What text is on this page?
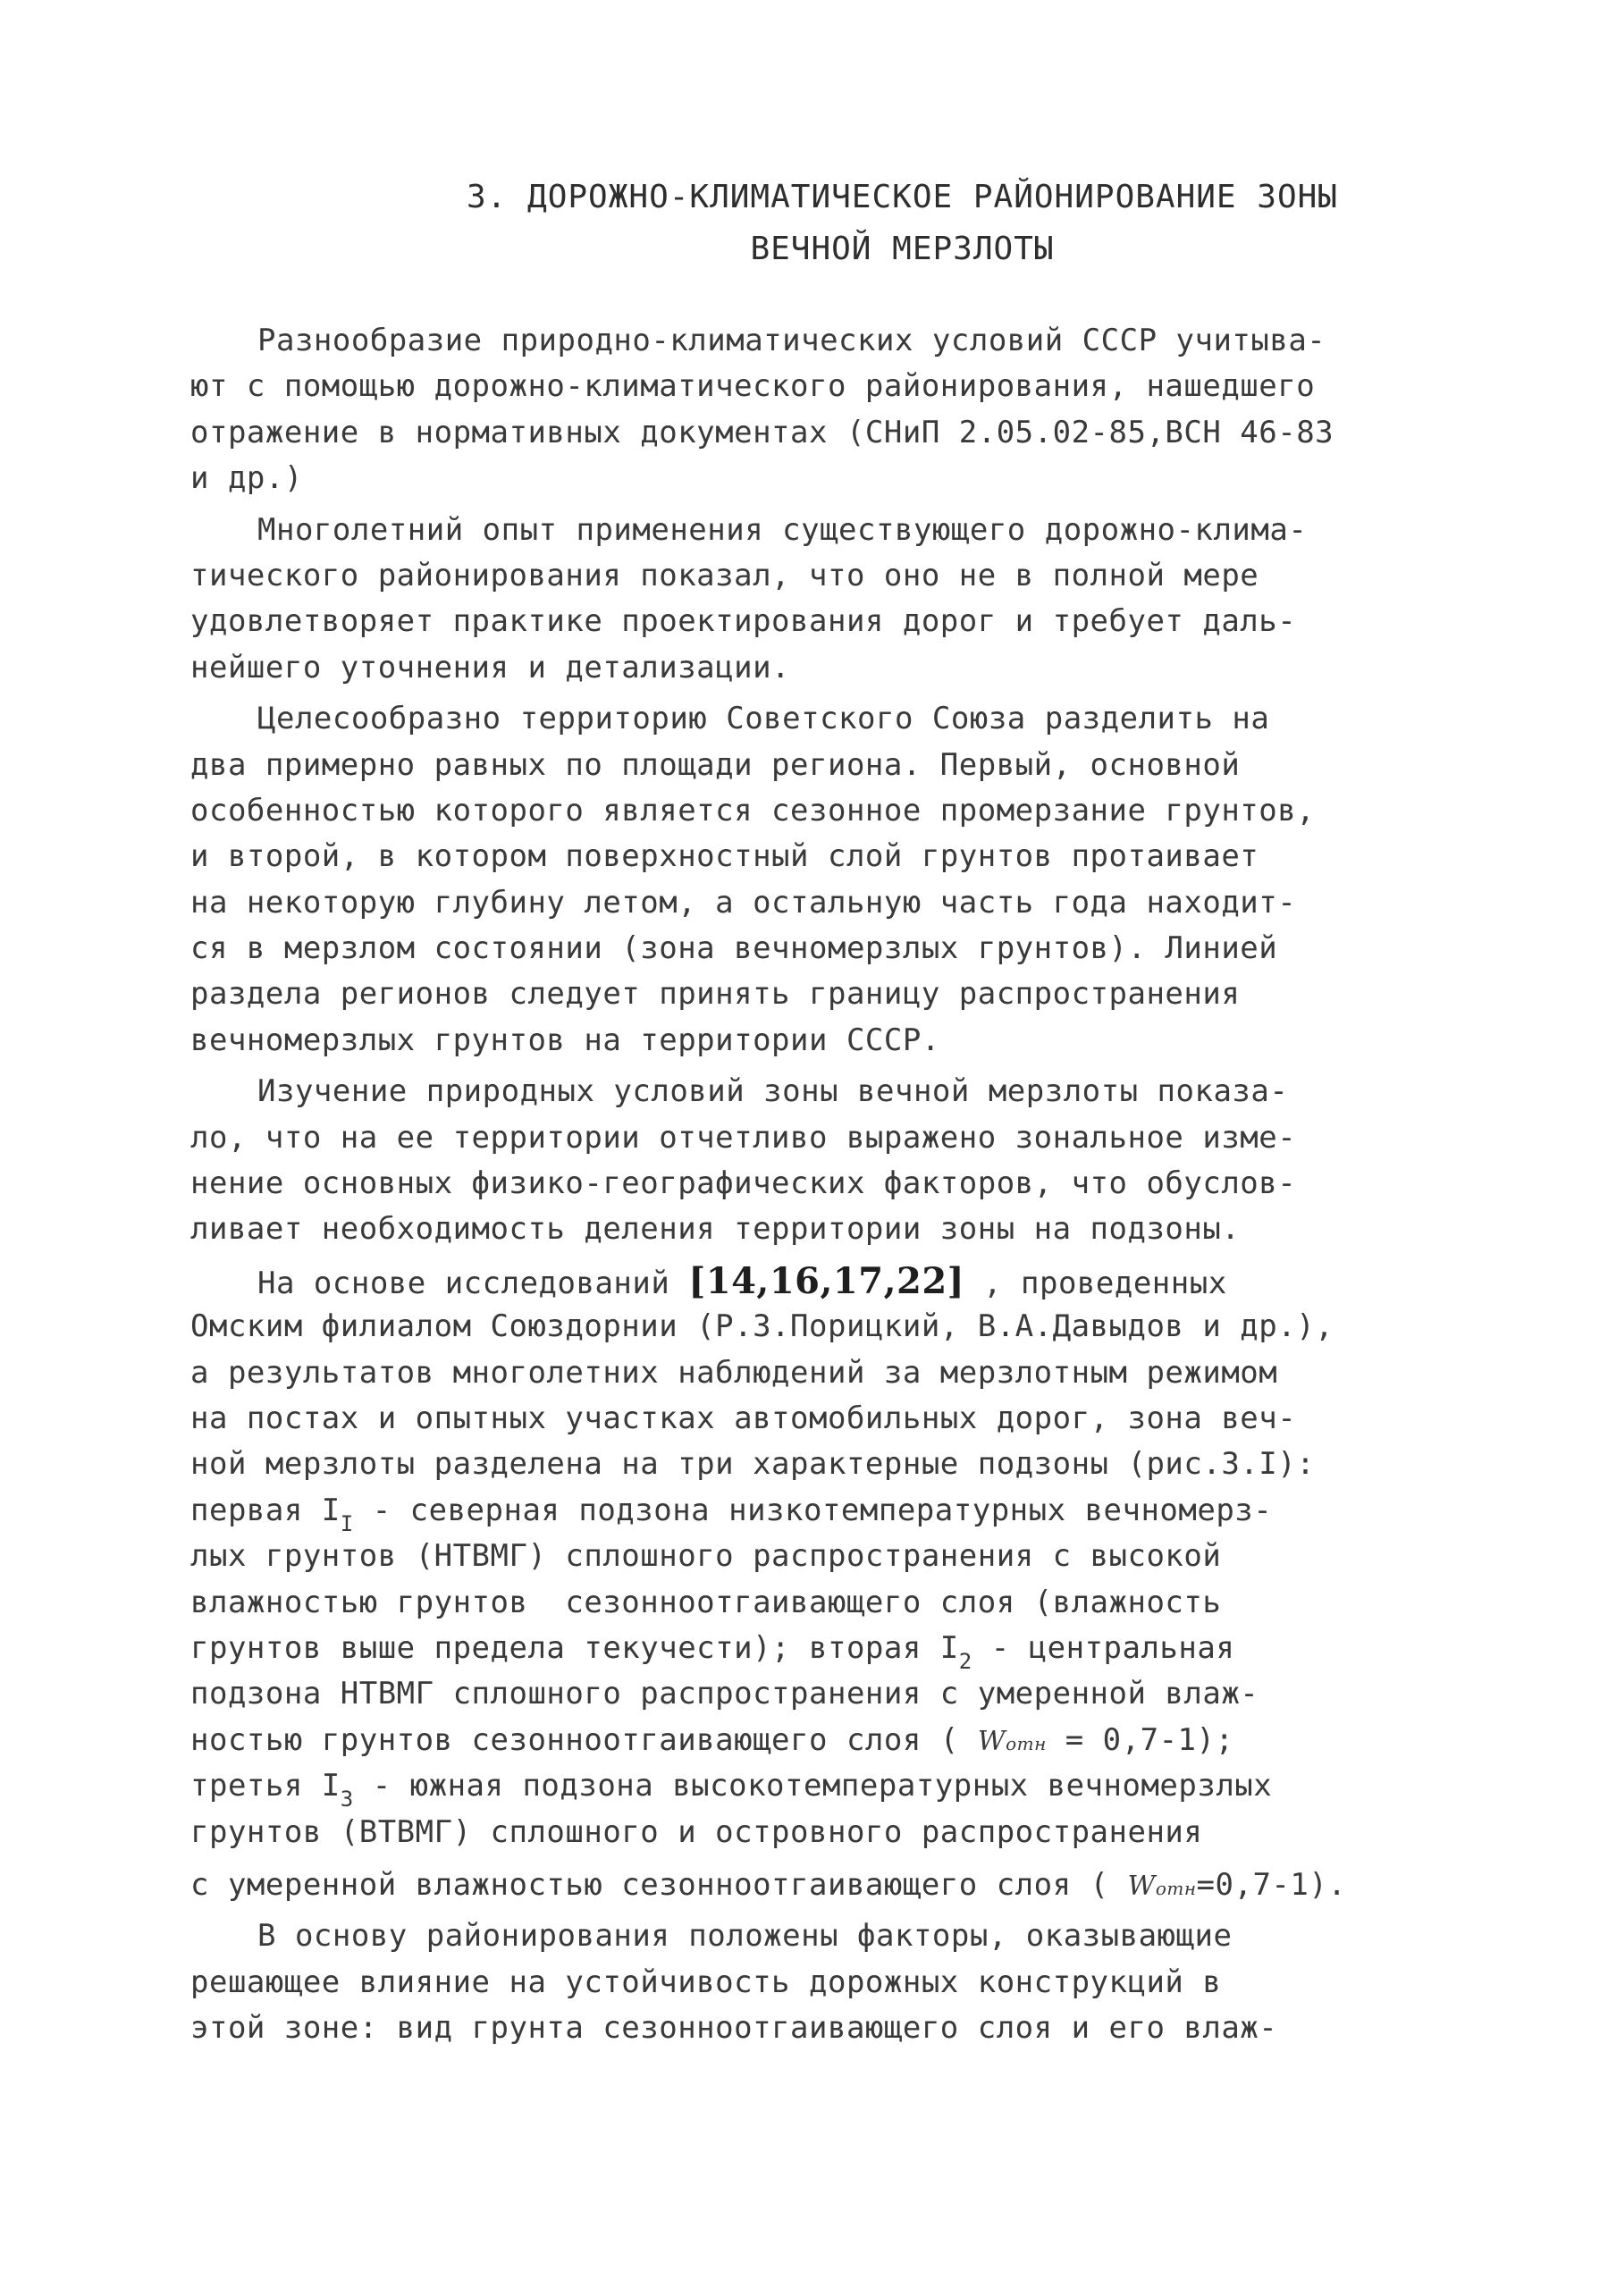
3. ДОРОЖНО-КЛИМАТИЧЕСКОЕ РАЙОНИРОВАНИЕ ЗОНЫ
ВЕЧНОЙ МЕРЗЛОТЫ
Разнообразие природно-климатических условий СССР учитыва-
ют с помощью дорожно-климатического районирования, нашедшего
отражение в нормативных документах (СНиП 2.05.02-85,ВСН 46-83
и др.)
Многолетний опыт применения существующего дорожно-клима-
тического районирования показал, что оно не в полной мере
удовлетворяет практике проектирования дорог и требует даль-
нейшего уточнения и детализации.
Целесообразно территорию Советского Союза разделить на
два примерно равных по площади региона. Первый, основной
особенностью которого является сезонное промерзание грунтов,
и второй, в котором поверхностный слой грунтов протаивает
на некоторую глубину летом, а остальную часть года находит-
ся в мерзлом состоянии (зона вечномерзлых грунтов). Линией
раздела регионов следует принять границу распространения
вечномерзлых грунтов на территории СССР.
Изучение природных условий зоны вечной мерзлоты показа-
ло, что на ее территории отчетливо выражено зональное изме-
нение основных физико-географических факторов, что обуслов-
ливает необходимость деления территории зоны на подзоны.
На основе исследований [14,16,17,22] , проведенных
Омским филиалом Союздорнии (Р.З.Порицкий, В.А.Давыдов и др.),
а результатов многолетних наблюдений за мерзлотным режимом
на постах и опытных участках автомобильных дорог, зона веч-
ной мерзлоты разделена на три характерные подзоны (рис.3.I):
первая $I_I$ - северная подзона низкотемпературных вечномерз-
лых грунтов (НТВМГ) сплошного распространения с высокой
влажностью грунтов  сезонноотгаивающего слоя (влажность
грунтов выше предела текучести); вторая $I_2$ - центральная
подзона НТВМГ сплошного распространения с умеренной влаж-
ностью грунтов сезонноотгаивающего слоя ( Wотн = 0,7-1);
третья $I_3$ - южная подзона высокотемпературных вечномерзлых
грунтов (ВТВМГ) сплошного и островного распространения
с умеренной влажностью сезонноотгаивающего слоя ( Wотн=0,7-1).
В основу районирования положены факторы, оказывающие
решающее влияние на устойчивость дорожных конструкций в
этой зоне: вид грунта сезонноотгаивающего слоя и его влаж-
